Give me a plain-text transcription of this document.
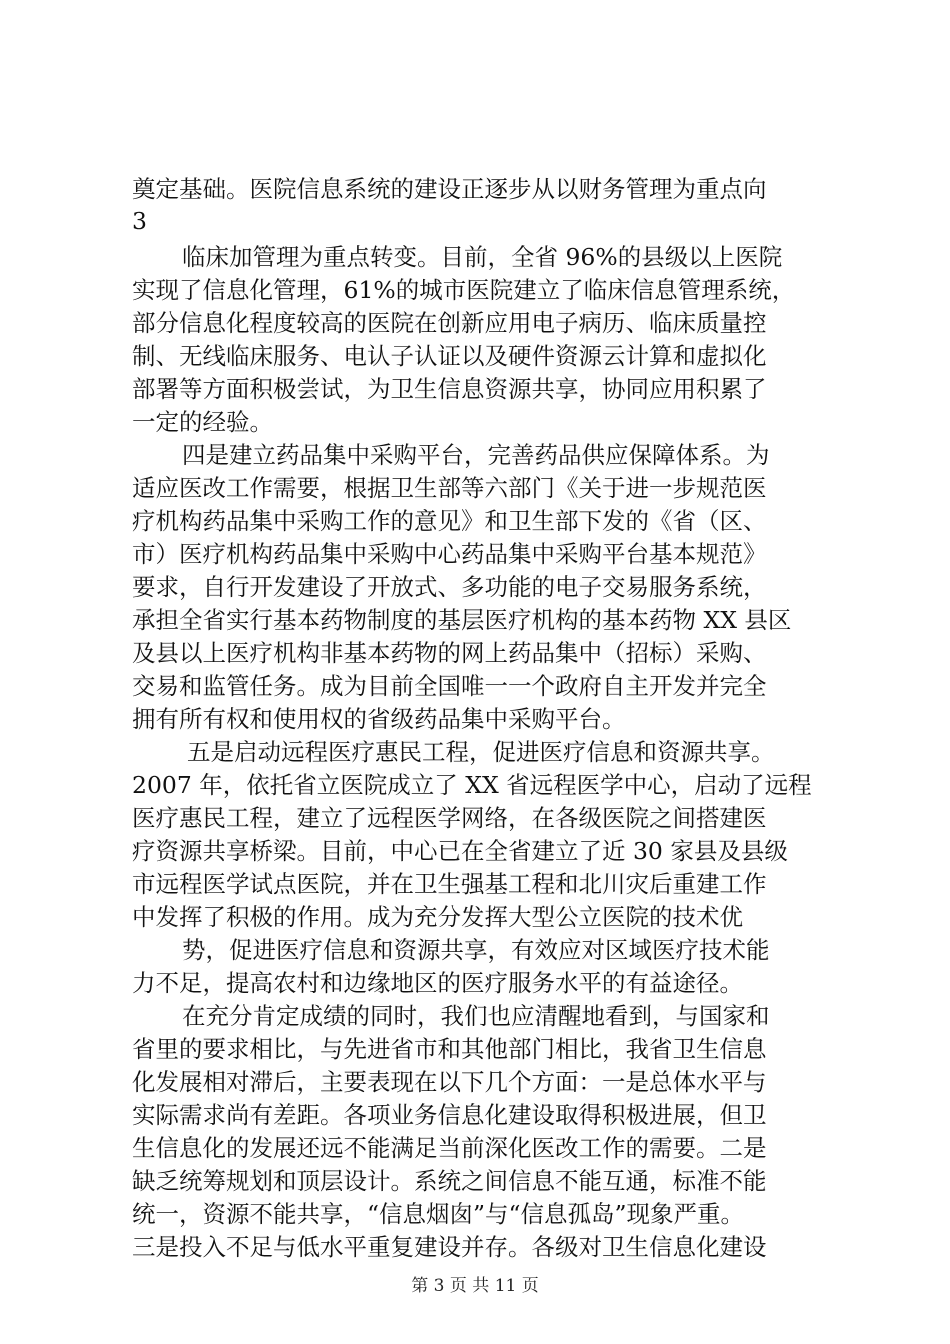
奠定基础。医院信息系统的建设正逐步从以财务管理为重点向
3
临床加管理为重点转变。目前，全省 96%的县级以上医院
实现了信息化管理，61%的城市医院建立了临床信息管理系统，
部分信息化程度较高的医院在创新应用电子病历、临床质量控
制、无线临床服务、电认子认证以及硬件资源云计算和虚拟化
部署等方面积极尝试，为卫生信息资源共享，协同应用积累了
一定的经验。
四是建立药品集中采购平台，完善药品供应保障体系。为
适应医改工作需要，根据卫生部等六部门《关于进一步规范医
疗机构药品集中采购工作的意见》和卫生部下发的《省（区、
市）医疗机构药品集中采购中心药品集中采购平台基本规范》
要求，自行开发建设了开放式、多功能的电子交易服务系统，
承担全省实行基本药物制度的基层医疗机构的基本药物 XX 县区
及县以上医疗机构非基本药物的网上药品集中（招标）采购、
交易和监管任务。成为目前全国唯一一个政府自主开发并完全
拥有所有权和使用权的省级药品集中采购平台。
五是启动远程医疗惠民工程，促进医疗信息和资源共享。
2007 年，依托省立医院成立了 XX 省远程医学中心，启动了远程
医疗惠民工程，建立了远程医学网络，在各级医院之间搭建医
疗资源共享桥梁。目前，中心已在全省建立了近 30 家县及县级
市远程医学试点医院，并在卫生强基工程和北川灾后重建工作
中发挥了积极的作用。成为充分发挥大型公立医院的技术优
势，促进医疗信息和资源共享，有效应对区域医疗技术能
力不足，提高农村和边缘地区的医疗服务水平的有益途径。
在充分肯定成绩的同时，我们也应清醒地看到，与国家和
省里的要求相比，与先进省市和其他部门相比，我省卫生信息
化发展相对滞后，主要表现在以下几个方面：一是总体水平与
实际需求尚有差距。各项业务信息化建设取得积极进展，但卫
生信息化的发展还远不能满足当前深化医改工作的需要。二是
缺乏统筹规划和顶层设计。系统之间信息不能互通，标准不能
统一，资源不能共享，“信息烟囱”与“信息孤岛”现象严重。
三是投入不足与低水平重复建设并存。各级对卫生信息化建设
第 3 页 共 11 页
